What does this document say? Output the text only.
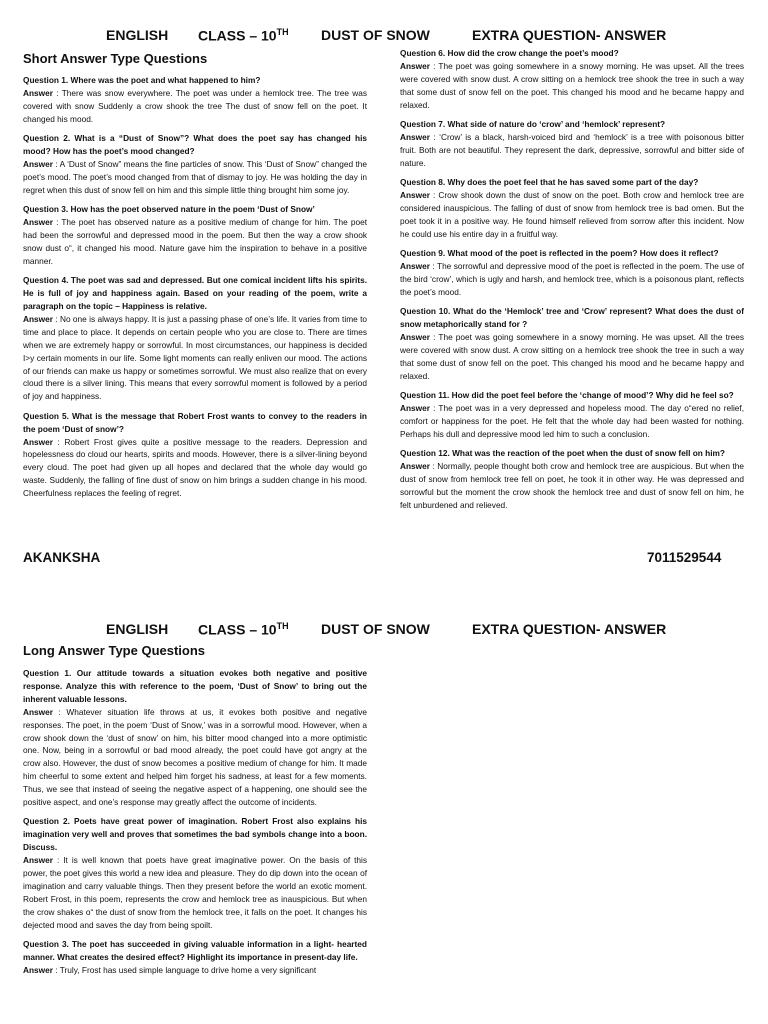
ENGLISH CLASS – 10TH DUST OF SNOW	EXTRA QUESTION- ANSWER
Short Answer Type Questions
Question 1. Where was the poet and what happened to him?
Answer : There was snow everywhere. The poet was under a hemlock tree. The tree was covered with snow Suddenly a crow shook the tree The dust of snow fell on the poet. It changed his mood.
Question 2. What is a “Dust of Snow”? What does the poet say has changed his mood? How has the poet’s mood changed?
Answer : A ‘Dust of Snow” means the fine particles of snow. This ‘Dust of Snow” changed the poet’s mood. The poet’s mood changed from that of dismay to joy. He was holding the day in regret when this dust of snow fell on him and this simple little thing brought him some joy.
Question 3. How has the poet observed nature in the poem ‘Dust of Snow’
Answer : The poet has observed nature as a positive medium of change for him. The poet had been the sorrowful and depressed mood in the poem. But then the way a crow shook snow dust o“, it changed his mood. Nature gave him the inspiration to behave in a positive manner.
Question 4. The poet was sad and depressed. But one comical incident lifts his spirits. He is full of joy and happiness again. Based on your reading of the poem, write a paragraph on the topic – Happiness is relative.
Answer : No one is always happy. It is just a passing phase of one’s life. It varies from time to time and place to place. It depends on certain people who you are close to. There are times when we are extremely happy or sorrowful. In most circumstances, our happiness is decided I>y certain moments in our life. Some light moments can really enliven our mood. The actions of our friends can make us happy or sometimes sorrowful. We must also realize that on every cloud there is a silver lining. This means that every sorrowful moment is followed by a period of joy and happiness.
Question 5. What is the message that Robert Frost wants to convey to the readers in the poem ‘Dust of snow’?
Answer : Robert Frost gives quite a positive message to the readers. Depression and hopelessness do cloud our hearts, spirits and moods. However, there is a silver-lining beyond every cloud. The poet had given up all hopes and declared that the whole day would go waste. Suddenly, the falling of fine dust of snow on him brings a sudden change in his mood. Cheerfulness replaces the feeling of regret.
Question 6. How did the crow change the poet’s mood?
Answer : The poet was going somewhere in a snowy morning. He was upset. All the trees were covered with snow dust. A crow sitting on a hemlock tree shook the tree in such a way that some dust of snow fell on the poet. This changed his mood and he became happy and relaxed.
Question 7. What side of nature do ‘crow’ and ‘hemlock’ represent?
Answer : ‘Crow’ is a black, harsh-voiced bird and ‘hemlock’ is a tree with poisonous bitter fruit. Both are not beautiful. They represent the dark, depressive, sorrowful and bitter side of nature.
Question 8. Why does the poet feel that he has saved some part of the day?
Answer : Crow shook down the dust of snow on the poet. Both crow and hemlock tree are considered inauspicious. The falling of dust of snow from hemlock tree is bad omen. But the poet took it in a positive way. He found himself relieved from sorrow after this incident. Now he could use his entire day in a fruitful way.
Question 9. What mood of the poet is reflected in the poem? How does it reflect?
Answer : The sorrowful and depressive mood of the poet is reflected in the poem. The use of the bird ‘crow’, which is ugly and harsh, and hemlock tree, which is a poisonous plant, reflects the poet’s mood.
Question 10. What do the ‘Hemlock’ tree and ‘Crow’ represent? What does the dust of snow metaphorically stand for ?
Answer : The poet was going somewhere in a snowy morning. He was upset. All the trees were covered with snow dust. A crow sitting on a hemlock tree shook the tree in such a way that some dust of snow fell on the poet. This changed his mood and he became happy and relaxed.
Question 11. How did the poet feel before the ‘change of mood’? Why did he feel so?
Answer : The poet was in a very depressed and hopeless mood. The day o“ered no relief, comfort or happiness for the poet. He felt that the whole day had been wasted for nothing. Perhaps his dull and depressive mood led him to such a conclusion.
Question 12. What was the reaction of the poet when the dust of snow fell on him?
Answer : Normally, people thought both crow and hemlock tree are auspicious. But when the dust of snow from hemlock tree fell on poet, he took it in other way. He was depressed and sorrowful but the moment the crow shook the hemlock tree and dust of snow fell on him, he felt unburdened and relieved.
AKANKSHA	7011529544
ENGLISH CLASS – 10TH DUST OF SNOW	EXTRA QUESTION- ANSWER
Long Answer Type Questions
Question 1. Our attitude towards a situation evokes both negative and positive response. Analyze this with reference to the poem, ‘Dust of Snow’ to bring out the inherent valuable lessons.
Answer : Whatever situation life throws at us, it evokes both positive and negative responses. The poet, in the poem ‘Dust of Snow,’ was in a sorrowful mood. However, when a crow shook down the ‘dust of snow’ on him, his bitter mood changed into a more optimistic one. Now, being in a sorrowful or bad mood already, the poet could have got angry at the crow also. However, the dust of snow becomes a positive medium of change for him. It made him cheerful to some extent and helped him forget his sadness, at least for a few moments. Thus, we see that instead of seeing the negative aspect of a happening, one should see the positive aspect, and one’s response may greatly affect the outcome of incidents.
Question 2. Poets have great power of imagination. Robert Frost also explains his imagination very well and proves that sometimes the bad symbols change into a boon. Discuss.
Answer : It is well known that poets have great imaginative power. On the basis of this power, the poet gives this world a new idea and pleasure. They do dip down into the ocean of imagination and carry valuable things. Then they present before the world an exotic moment. Robert Frost, in this poem, represents the crow and hemlock tree as inauspicious. But when the crow shakes o“ the dust of snow from the hemlock tree, it falls on the poet. It changes his dejected mood and saves the day from being spoilt.
Question 3. The poet has succeeded in giving valuable information in a light- hearted manner. What creates the desired effect? Highlight its importance in present-day life.
Answer : Truly, Frost has used simple language to drive home a very significant
